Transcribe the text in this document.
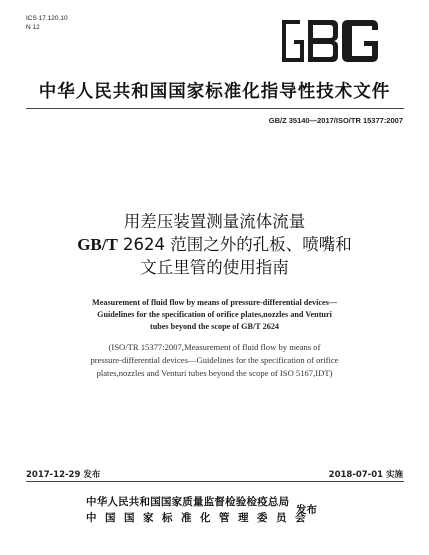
ICS 17.120.10
N 12
中华人民共和国国家标准化指导性技术文件
GB/Z 35140—2017/ISO/TR 15377:2007
用差压装置测量流体流量
GB/T 2624 范围之外的孔板、喷嘴和
文丘里管的使用指南
Measurement of fluid flow by means of pressure-differential devices—
Guidelines for the specification of orifice plates,nozzles and Venturi
tubes beyond the scope of GB/T 2624
(ISO/TR 15377:2007,Measurement of fluid flow by means of
pressure-differential devices—Guidelines for the specification of orifice
plates,nozzles and Venturi tubes beyond the scope of ISO 5167,IDT)
2017-12-29 发布	2018-07-01 实施
中华人民共和国国家质量监督检验检疫总局
中国国家标准化管理委员会
发布
